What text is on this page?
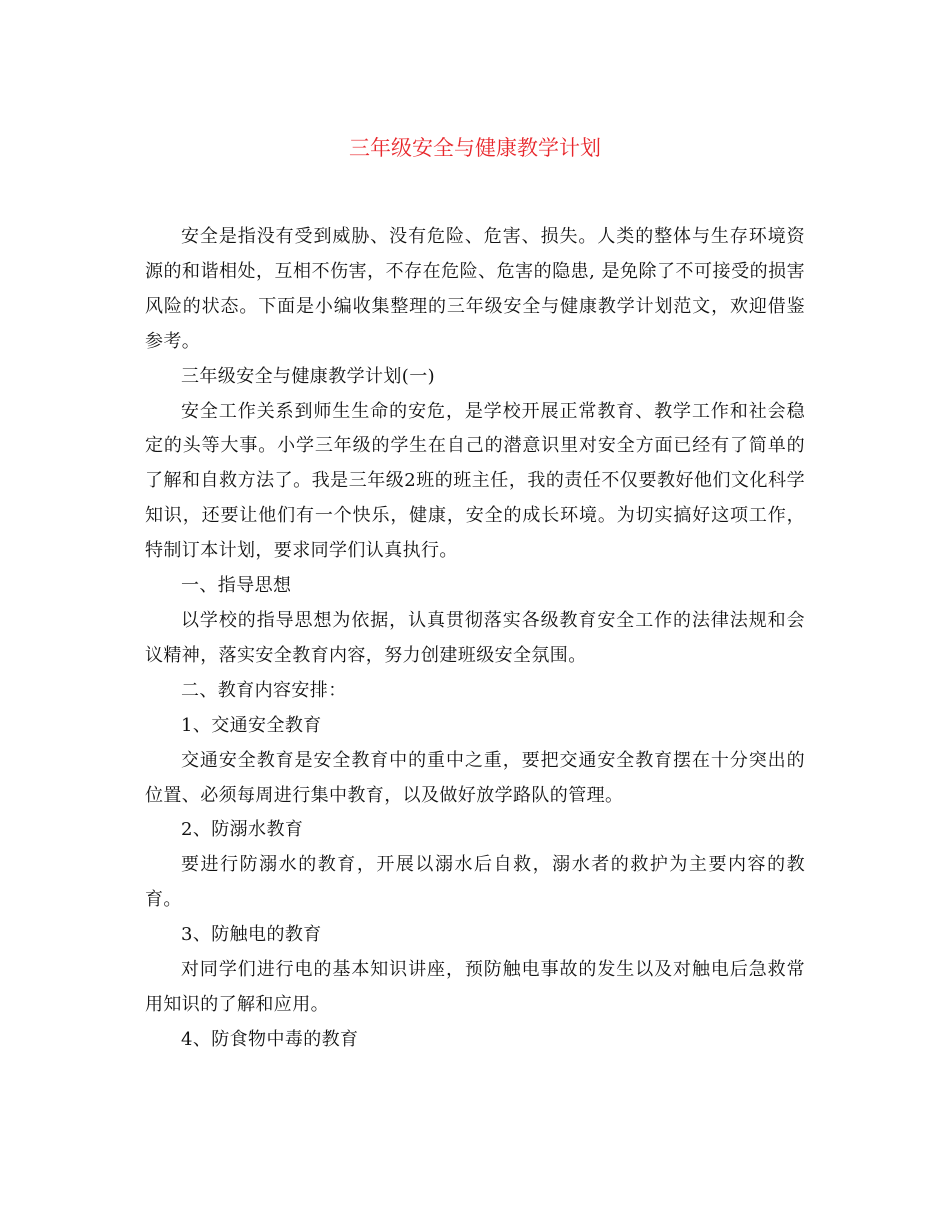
三年级安全与健康教学计划

安全是指没有受到威胁、没有危险、危害、损失。人类的整体与生存环境资源的和谐相处，互相不伤害，不存在危险、危害的隐患, 是免除了不可接受的损害风险的状态。下面是小编收集整理的三年级安全与健康教学计划范文，欢迎借鉴参考。

三年级安全与健康教学计划(一)

安全工作关系到师生生命的安危，是学校开展正常教育、教学工作和社会稳定的头等大事。小学三年级的学生在自己的潜意识里对安全方面已经有了简单的了解和自救方法了。我是三年级2班的班主任，我的责任不仅要教好他们文化科学知识，还要让他们有一个快乐，健康，安全的成长环境。为切实搞好这项工作，特制订本计划，要求同学们认真执行。

一、指导思想

以学校的指导思想为依据，认真贯彻落实各级教育安全工作的法律法规和会议精神，落实安全教育内容，努力创建班级安全氛围。

二、教育内容安排：

1、交通安全教育

交通安全教育是安全教育中的重中之重，要把交通安全教育摆在十分突出的位置、必须每周进行集中教育，以及做好放学路队的管理。

2、防溺水教育

要进行防溺水的教育，开展以溺水后自救，溺水者的救护为主要内容的教育。

3、防触电的教育

对同学们进行电的基本知识讲座，预防触电事故的发生以及对触电后急救常用知识的了解和应用。

4、防食物中毒的教育
